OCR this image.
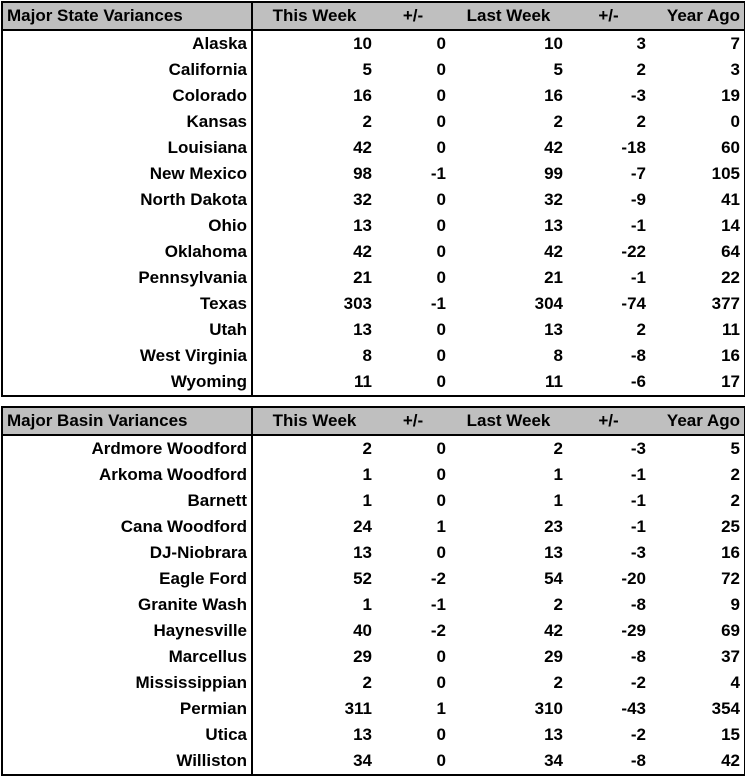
Major State Variances	This Week	+/-	Last Week	+/-	Year Ago
Alaska	10	0	10	3	7
California	5	0	5	2	3
Colorado	16	0	16	-3	19
Kansas	2	0	2	2	0
Louisiana	42	0	42	-18	60
New Mexico	98	-1	99	-7	105
North Dakota	32	0	32	-9	41
Ohio	13	0	13	-1	14
Oklahoma	42	0	42	-22	64
Pennsylvania	21	0	21	-1	22
Texas	303	-1	304	-74	377
Utah	13	0	13	2	11
West Virginia	8	0	8	-8	16
Wyoming	11	0	11	-6	17
Major Basin Variances	This Week	+/-	Last Week	+/-	Year Ago
Ardmore Woodford	2	0	2	-3	5
Arkoma Woodford	1	0	1	-1	2
Barnett	1	0	1	-1	2
Cana Woodford	24	1	23	-1	25
DJ-Niobrara	13	0	13	-3	16
Eagle Ford	52	-2	54	-20	72
Granite Wash	1	-1	2	-8	9
Haynesville	40	-2	42	-29	69
Marcellus	29	0	29	-8	37
Mississippian	2	0	2	-2	4
Permian	311	1	310	-43	354
Utica	13	0	13	-2	15
Williston	34	0	34	-8	42
